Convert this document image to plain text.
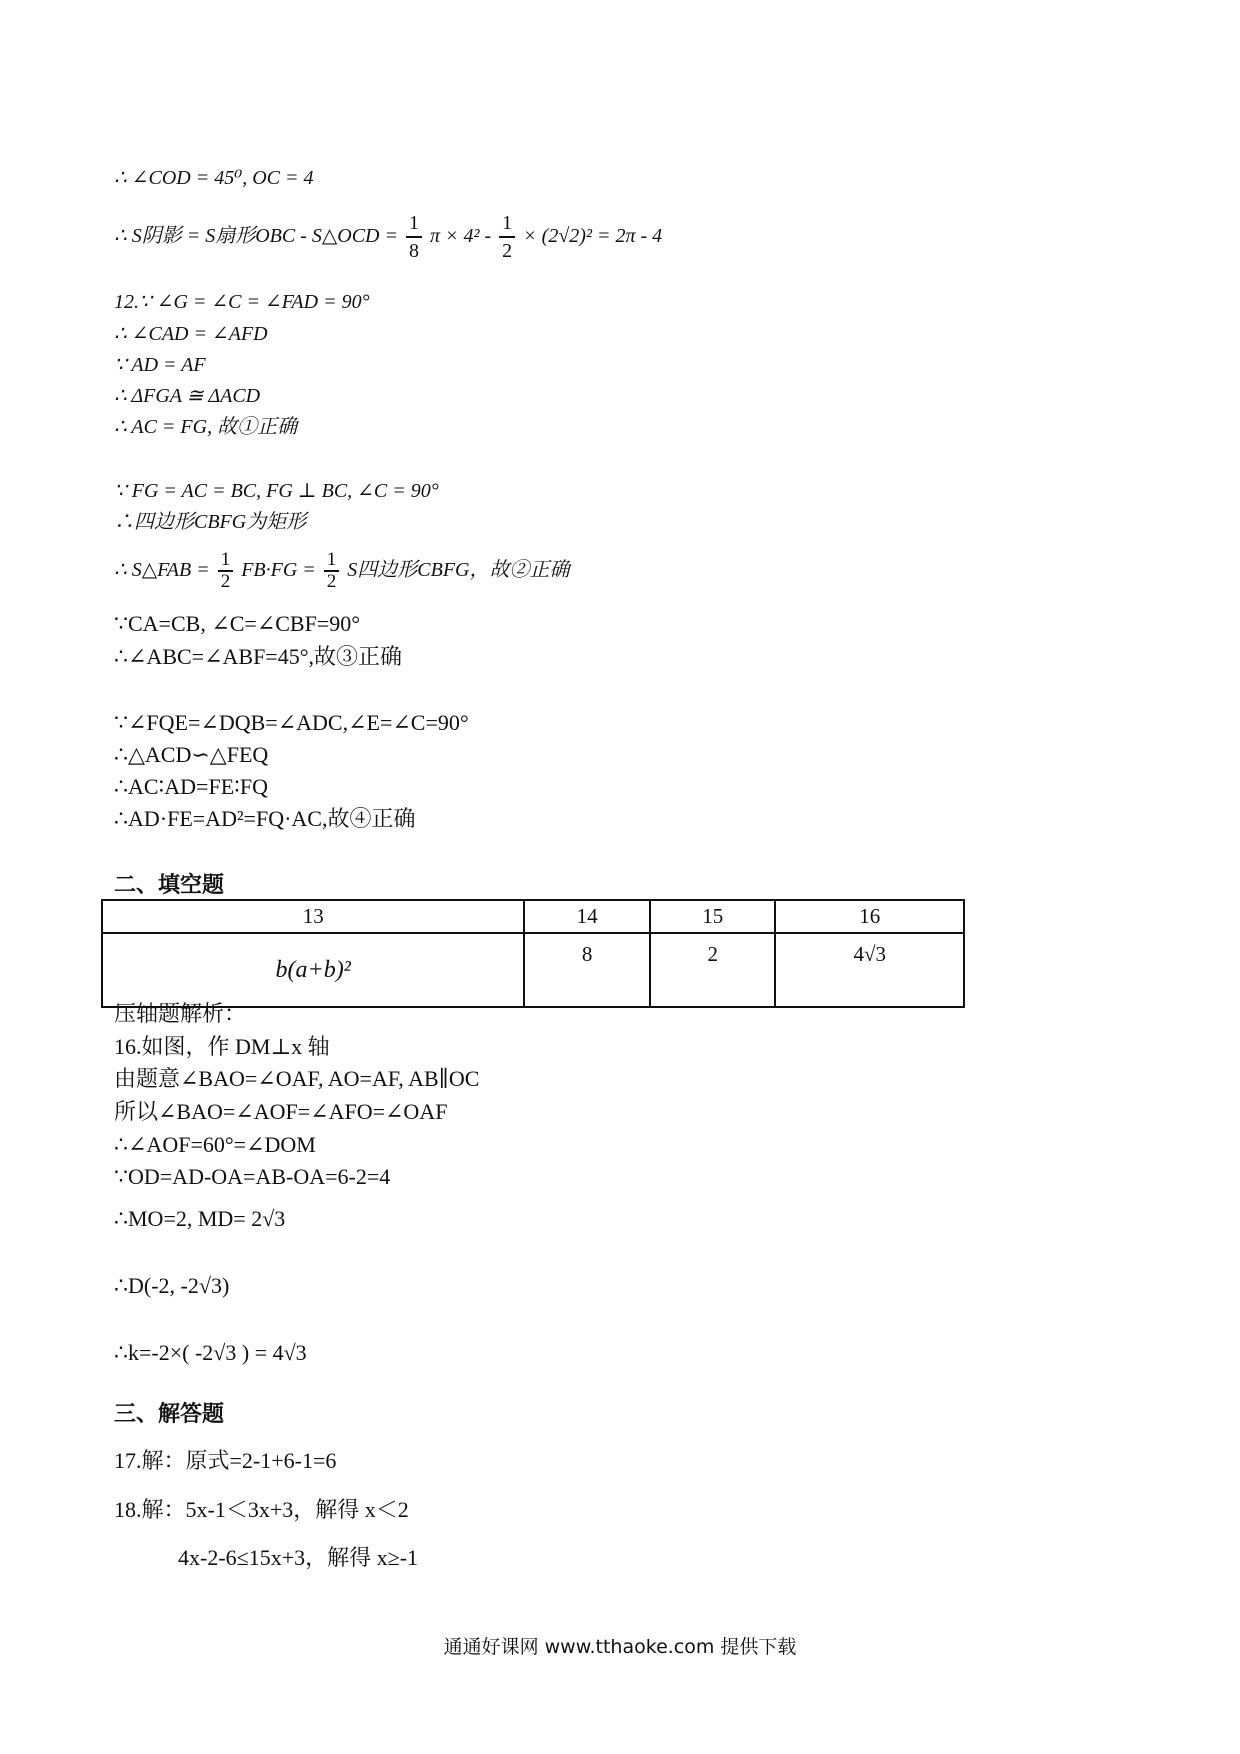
∴ ∠COD = 45⁰, OC = 4
∴ S阴影 = S扇形OBC - S△OCD = $\frac{1}{8}$ $\pi \times 4^2 - \frac{1}{2} \times (2√2)^2 = 2\pi - 4$
12.∵ ∠G = ∠C = ∠FAD = 90°
∴ ∠CAD = ∠AFD
∵ AD = AF
∴ ΔFGA ≅ ΔACD
∴ AC = FG, 故①正确
∵ FG = AC = BC, FG ⊥ BC, ∠C = 90°
∴四边形CBFG为矩形
∴ S△FAB = $\frac{1}{2} FB\cdot FG = \frac{1}{2}$ S四边形CBFG，故②正确
∵CA=CB, ∠C=∠CBF=90°
∴∠ABC=∠ABF=45°,故③正确
∵∠FQE=∠DQB=∠ADC,∠E=∠C=90°
∴△ACD∽△FEQ
∴AC∶AD=FE∶FQ
∴AD·FE=AD²=FQ·AC,故④正确
二、填空题
13	14	15	16
b(a+b)²	8	2	4√3
压轴题解析：
16.如图，作 DM⊥x 轴
由题意∠BAO=∠OAF, AO=AF, AB∥OC
所以∠BAO=∠AOF=∠AFO=∠OAF
∴∠AOF=60°=∠DOM
∵OD=AD-OA=AB-OA=6-2=4
∴MO=2, MD= 2√3
∴D(-2, -2√3)
∴k=-2×( -2√3 ) = 4√3
三、解答题
17.解：原式=2-1+6-1=6
18.解：5x-1＜3x+3，解得 x＜2
4x-2-6≤15x+3，解得 x≥-1
通通好课网 www.tthaoke.com 提供下载
